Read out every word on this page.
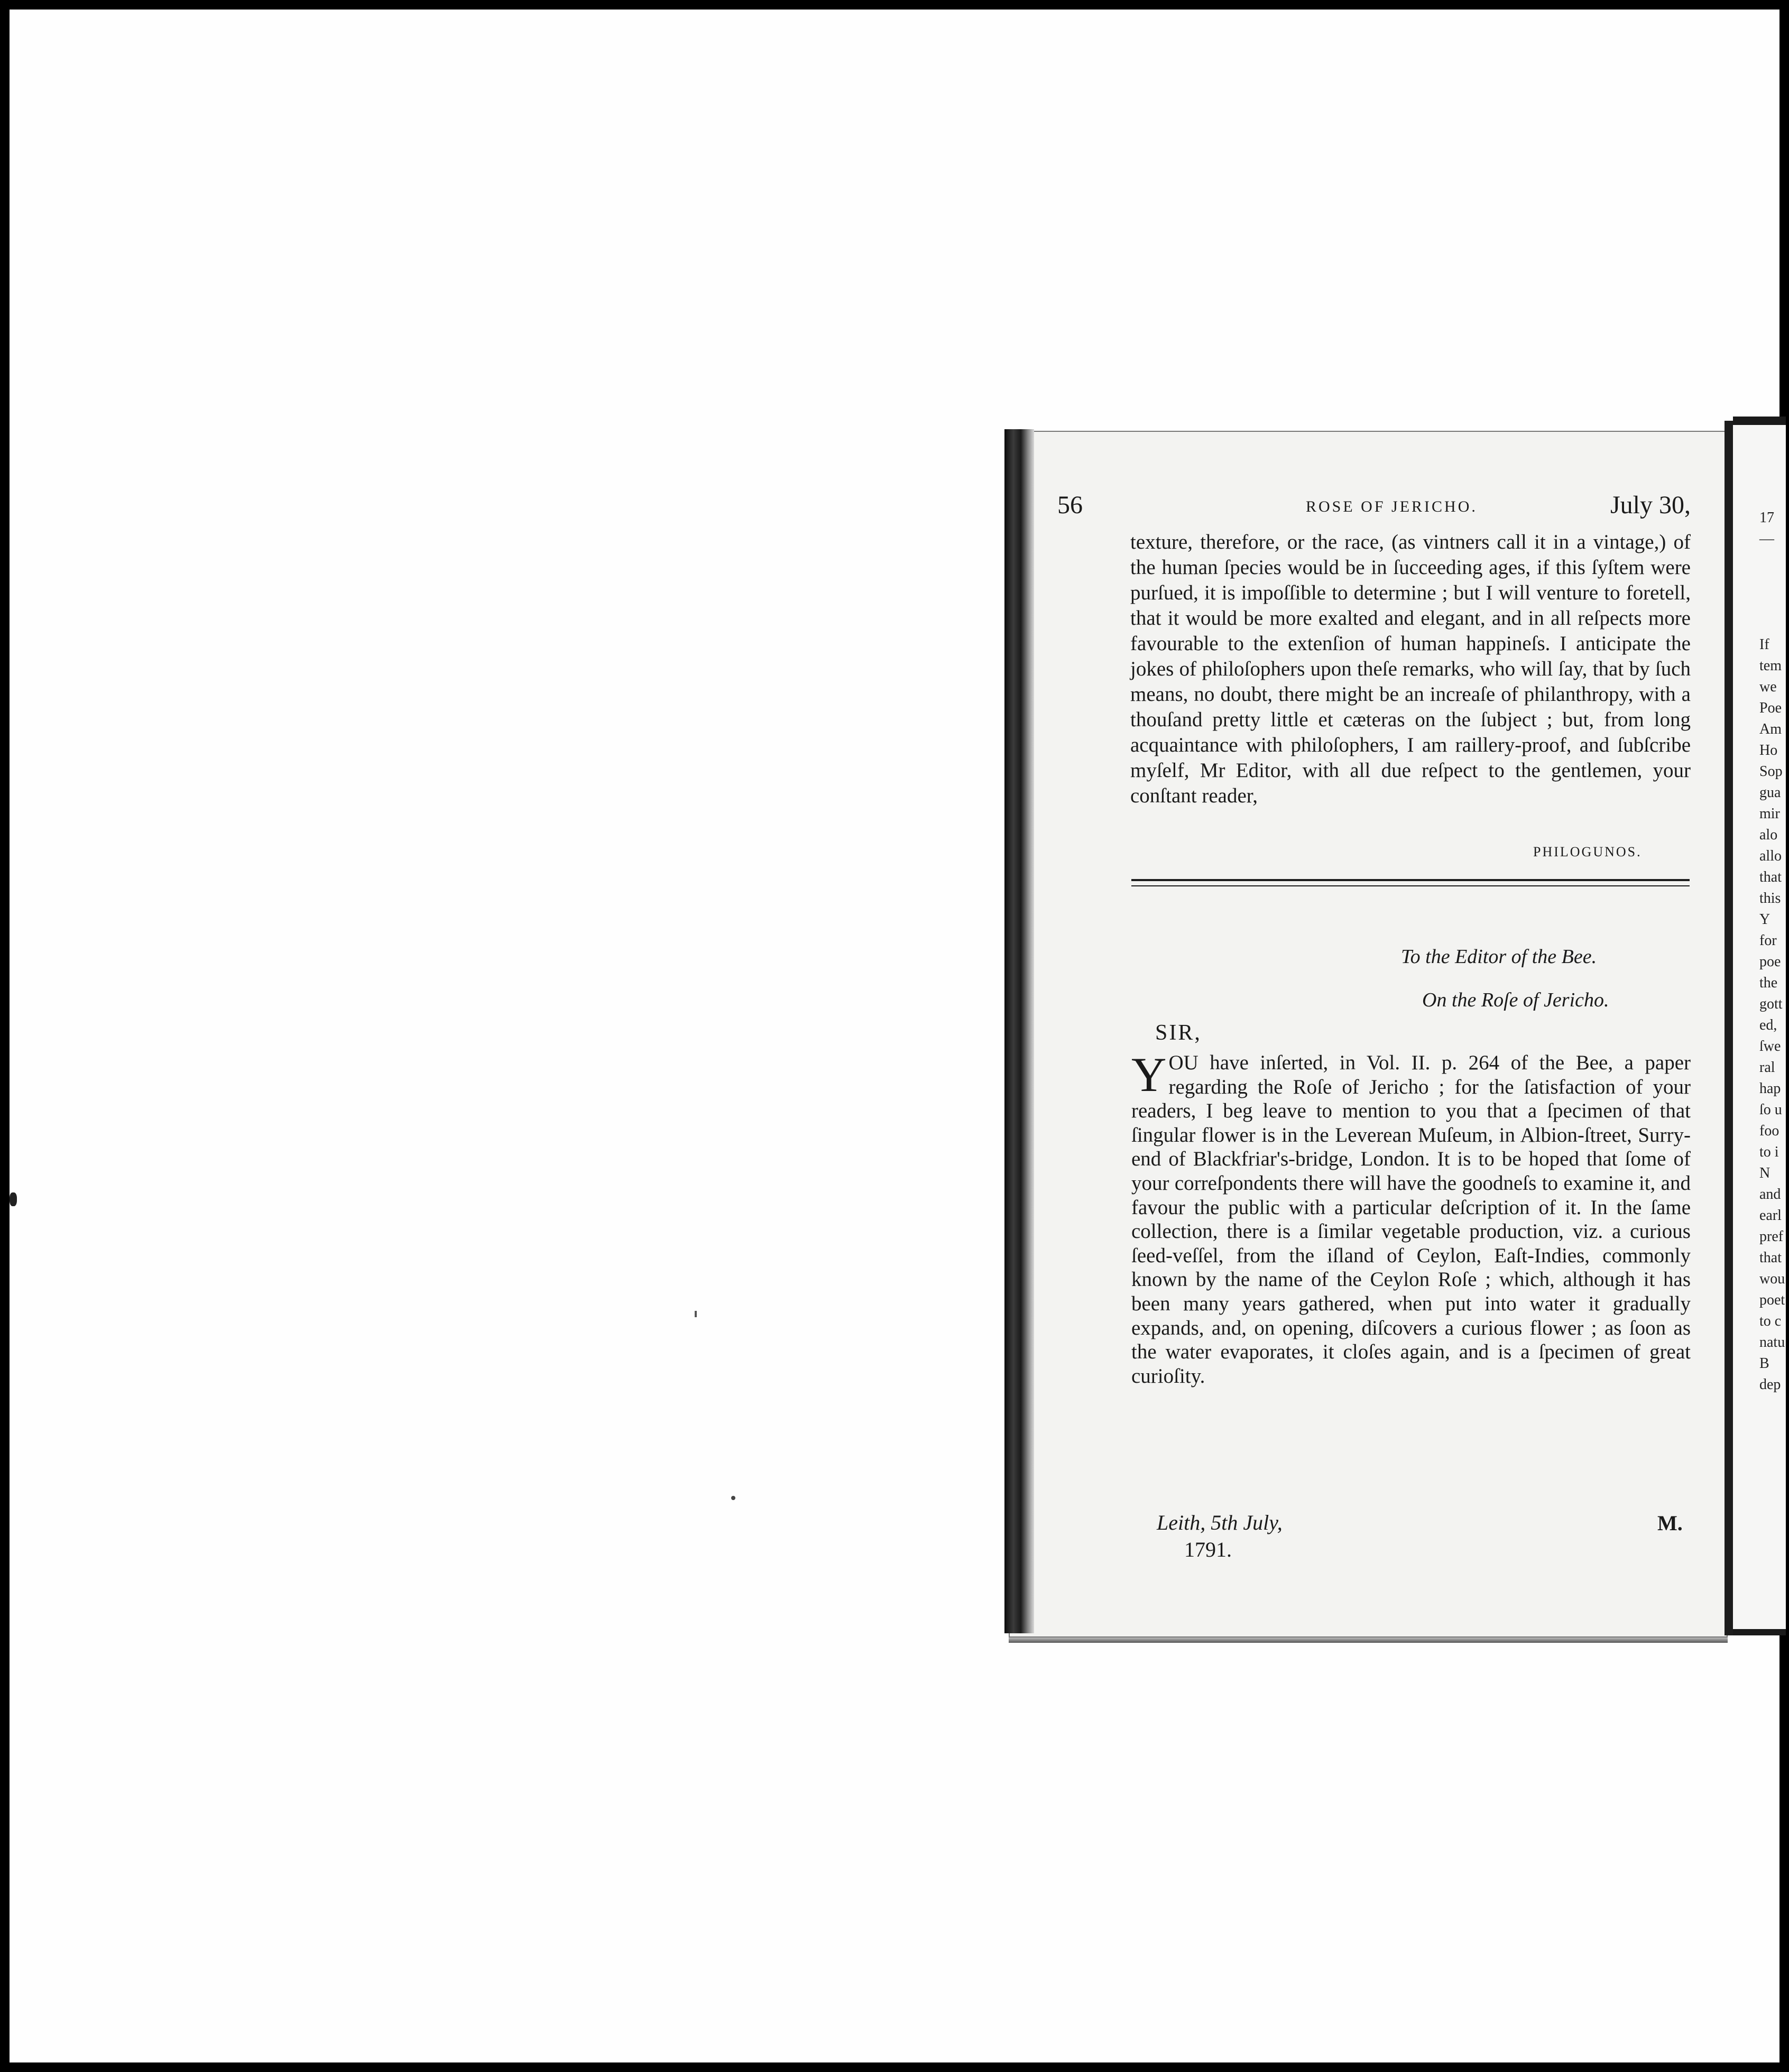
56	ROSE OF JERICHO.	July 30,
texture, therefore, or the race, (as vintners call it in a vintage,) of the human ſpecies would be in ſucceeding ages, if this ſyſtem were purſued, it is impoſſible to determine ; but I will venture to foretell, that it would be more exalted and elegant, and in all reſpects more favourable to the extenſion of human happineſs. I anticipate the jokes of philoſophers upon theſe remarks, who will ſay, that by ſuch means, no doubt, there might be an increaſe of philanthropy, with a thouſand pretty little et cæteras on the ſubject ; but, from long acquaintance with philoſophers, I am raillery-proof, and ſubſcribe myſelf, Mr Editor, with all due reſpect to the gentlemen, your conſtant reader,
PHILOGUNOS.
To the Editor of the Bee.
On the Roſe of Jericho.
SIR,
Y OU have inſerted, in Vol. II. p. 264 of the Bee, a paper regarding the Roſe of Jericho ; for the ſatisfaction of your readers, I beg leave to mention to you that a ſpecimen of that ſingular flower is in the Leverean Muſeum, in Albion-ſtreet, Surry-end of Blackfriar's-bridge, London. It is to be hoped that ſome of your correſpondents there will have the goodneſs to examine it, and favour the public with a particular deſcription of it. In the ſame collection, there is a ſimilar vegetable production, viz. a curious ſeed-veſſel, from the iſland of Ceylon, Eaſt-Indies, commonly known by the name of the Ceylon Roſe ; which, although it has been many years gathered, when put into water it gradually expands, and, on opening, diſcovers a curious flower ; as ſoon as the water evaporates, it cloſes again, and is a ſpecimen of great curioſity.
Leith, 5th July,
1791.
M.
17
—
If
tem
we
Poe
Am
Ho
Sop
gua
mir
alo
allo
that
this
Y
for
poe
the
gott
ed,
ſwe
ral
hap
ſo u
foo
to i
N
and
earl
pref
that
wou
poet
to c
natu
B
dep
